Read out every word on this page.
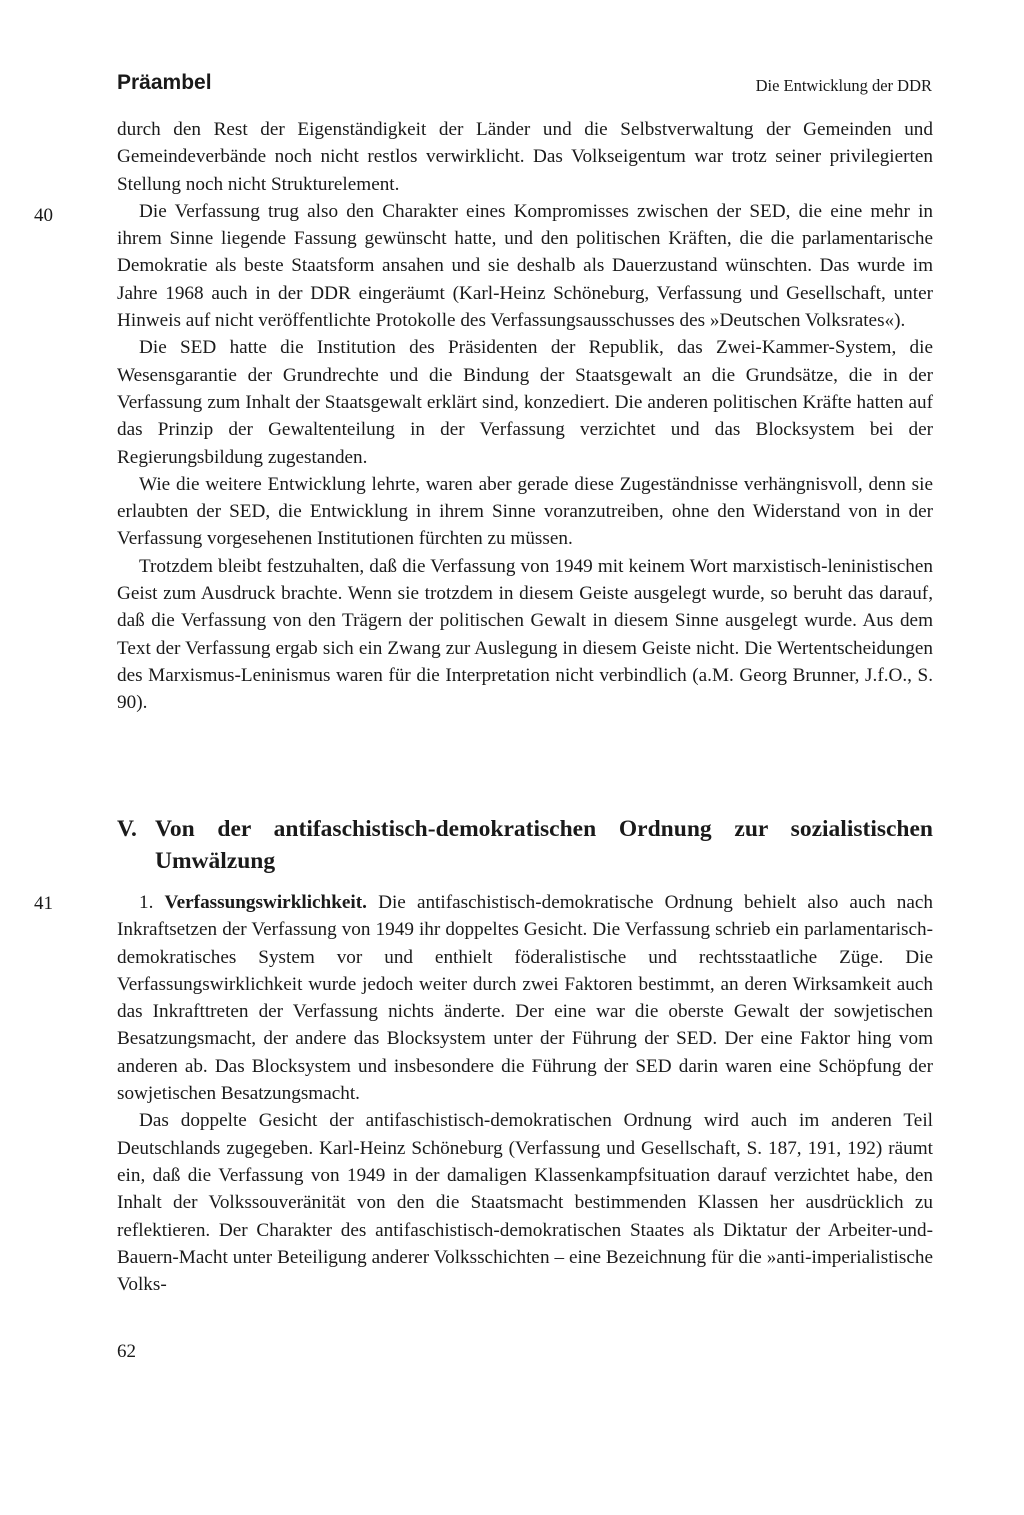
Präambel	Die Entwicklung der DDR
40
41

durch den Rest der Eigenständigkeit der Länder und die Selbstverwaltung der Gemeinden und Gemeindeverbände noch nicht restlos verwirklicht. Das Volkseigentum war trotz seiner privilegierten Stellung noch nicht Strukturelement.

Die Verfassung trug also den Charakter eines Kompromisses zwischen der SED, die eine mehr in ihrem Sinne liegende Fassung gewünscht hatte, und den politischen Kräften, die die parlamentarische Demokratie als beste Staatsform ansahen und sie deshalb als Dauerzustand wünschten. Das wurde im Jahre 1968 auch in der DDR eingeräumt (Karl-Heinz Schöneburg, Verfassung und Gesellschaft, unter Hinweis auf nicht veröffentlichte Protokolle des Verfassungsausschusses des »Deutschen Volksrates«).

Die SED hatte die Institution des Präsidenten der Republik, das Zwei-Kammer-System, die Wesensgarantie der Grundrechte und die Bindung der Staatsgewalt an die Grundsätze, die in der Verfassung zum Inhalt der Staatsgewalt erklärt sind, konzediert. Die anderen politischen Kräfte hatten auf das Prinzip der Gewaltenteilung in der Verfassung verzichtet und das Blocksystem bei der Regierungsbildung zugestanden.

Wie die weitere Entwicklung lehrte, waren aber gerade diese Zugeständnisse verhängnisvoll, denn sie erlaubten der SED, die Entwicklung in ihrem Sinne voranzutreiben, ohne den Widerstand von in der Verfassung vorgesehenen Institutionen fürchten zu müssen.

Trotzdem bleibt festzuhalten, daß die Verfassung von 1949 mit keinem Wort marxistisch-leninistischen Geist zum Ausdruck brachte. Wenn sie trotzdem in diesem Geiste ausgelegt wurde, so beruht das darauf, daß die Verfassung von den Trägern der politischen Gewalt in diesem Sinne ausgelegt wurde. Aus dem Text der Verfassung ergab sich ein Zwang zur Auslegung in diesem Geiste nicht. Die Wertentscheidungen des Marxismus-Leninismus waren für die Interpretation nicht verbindlich (a.M. Georg Brunner, J.f.O., S. 90).

V. Von der antifaschistisch-demokratischen Ordnung zur sozialistischen
Umwälzung

1. Verfassungswirklichkeit. Die antifaschistisch-demokratische Ordnung behielt also auch nach Inkraftsetzen der Verfassung von 1949 ihr doppeltes Gesicht. Die Verfassung schrieb ein parlamentarisch-demokratisches System vor und enthielt föderalistische und rechtsstaatliche Züge. Die Verfassungswirklichkeit wurde jedoch weiter durch zwei Faktoren bestimmt, an deren Wirksamkeit auch das Inkrafttreten der Verfassung nichts änderte. Der eine war die oberste Gewalt der sowjetischen Besatzungsmacht, der andere das Blocksystem unter der Führung der SED. Der eine Faktor hing vom anderen ab. Das Blocksystem und insbesondere die Führung der SED darin waren eine Schöpfung der sowjetischen Besatzungsmacht.

Das doppelte Gesicht der antifaschistisch-demokratischen Ordnung wird auch im anderen Teil Deutschlands zugegeben. Karl-Heinz Schöneburg (Verfassung und Gesellschaft, S. 187, 191, 192) räumt ein, daß die Verfassung von 1949 in der damaligen Klassenkampfsituation darauf verzichtet habe, den Inhalt der Volkssouveränität von den die Staatsmacht bestimmenden Klassen her ausdrücklich zu reflektieren. Der Charakter des antifaschistisch-demokratischen Staates als Diktatur der Arbeiter-und-Bauern-Macht unter Beteiligung anderer Volksschichten – eine Bezeichnung für die »anti-imperialistische Volks-

62
